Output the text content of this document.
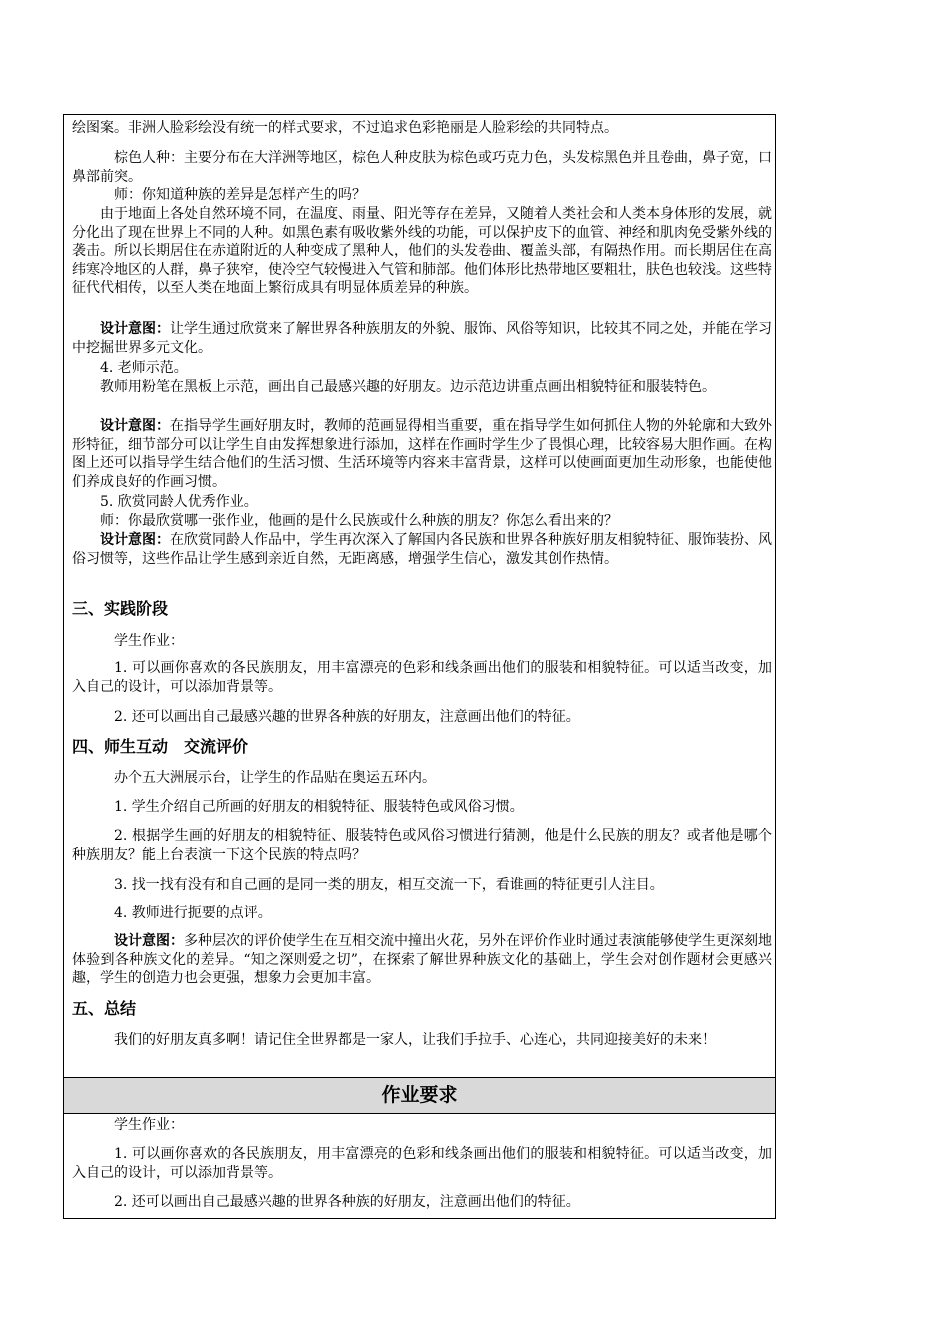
绘图案。非洲人脸彩绘没有统一的样式要求，不过追求色彩艳丽是人脸彩绘的共同特点。

棕色人种：主要分布在大洋洲等地区，棕色人种皮肤为棕色或巧克力色，头发棕黑色并且卷曲，鼻子宽，口鼻部前突。

师：你知道种族的差异是怎样产生的吗？

由于地面上各处自然环境不同，在温度、雨量、阳光等存在差异，又随着人类社会和人类本身体形的发展，就分化出了现在世界上不同的人种。如黑色素有吸收紫外线的功能，可以保护皮下的血管、神经和肌肉免受紫外线的袭击。所以长期居住在赤道附近的人种变成了黑种人，他们的头发卷曲、覆盖头部，有隔热作用。而长期居住在高纬寒冷地区的人群，鼻子狭窄，使冷空气较慢进入气管和肺部。他们体形比热带地区要粗壮，肤色也较浅。这些特征代代相传，以至人类在地面上繁衍成具有明显体质差异的种族。

设计意图：让学生通过欣赏来了解世界各种族朋友的外貌、服饰、风俗等知识，比较其不同之处，并能在学习中挖掘世界多元文化。

4. 老师示范。

教师用粉笔在黑板上示范，画出自己最感兴趣的好朋友。边示范边讲重点画出相貌特征和服装特色。

设计意图：在指导学生画好朋友时，教师的范画显得相当重要，重在指导学生如何抓住人物的外轮廓和大致外形特征，细节部分可以让学生自由发挥想象进行添加，这样在作画时学生少了畏惧心理，比较容易大胆作画。在构图上还可以指导学生结合他们的生活习惯、生活环境等内容来丰富背景，这样可以使画面更加生动形象，也能使他们养成良好的作画习惯。

5. 欣赏同龄人优秀作业。

师：你最欣赏哪一张作业，他画的是什么民族或什么种族的朋友？你怎么看出来的？

设计意图：在欣赏同龄人作品中，学生再次深入了解国内各民族和世界各种族好朋友相貌特征、服饰装扮、风俗习惯等，这些作品让学生感到亲近自然，无距离感，增强学生信心，激发其创作热情。

三、实践阶段

学生作业：

1. 可以画你喜欢的各民族朋友，用丰富漂亮的色彩和线条画出他们的服装和相貌特征。可以适当改变，加入自己的设计，可以添加背景等。

2. 还可以画出自己最感兴趣的世界各种族的好朋友，注意画出他们的特征。

四、师生互动　交流评价

办个五大洲展示台，让学生的作品贴在奥运五环内。

1. 学生介绍自己所画的好朋友的相貌特征、服装特色或风俗习惯。

2. 根据学生画的好朋友的相貌特征、服装特色或风俗习惯进行猜测，他是什么民族的朋友？或者他是哪个种族朋友？能上台表演一下这个民族的特点吗？

3. 找一找有没有和自己画的是同一类的朋友，相互交流一下，看谁画的特征更引人注目。

4. 教师进行扼要的点评。

设计意图：多种层次的评价使学生在互相交流中撞出火花，另外在评价作业时通过表演能够使学生更深刻地体验到各种族文化的差异。“知之深则爱之切”，在探索了解世界种族文化的基础上，学生会对创作题材会更感兴趣，学生的创造力也会更强，想象力会更加丰富。

五、总结

我们的好朋友真多啊！请记住全世界都是一家人，让我们手拉手、心连心，共同迎接美好的未来！

作业要求

学生作业：

1. 可以画你喜欢的各民族朋友，用丰富漂亮的色彩和线条画出他们的服装和相貌特征。可以适当改变，加入自己的设计，可以添加背景等。

2. 还可以画出自己最感兴趣的世界各种族的好朋友，注意画出他们的特征。
